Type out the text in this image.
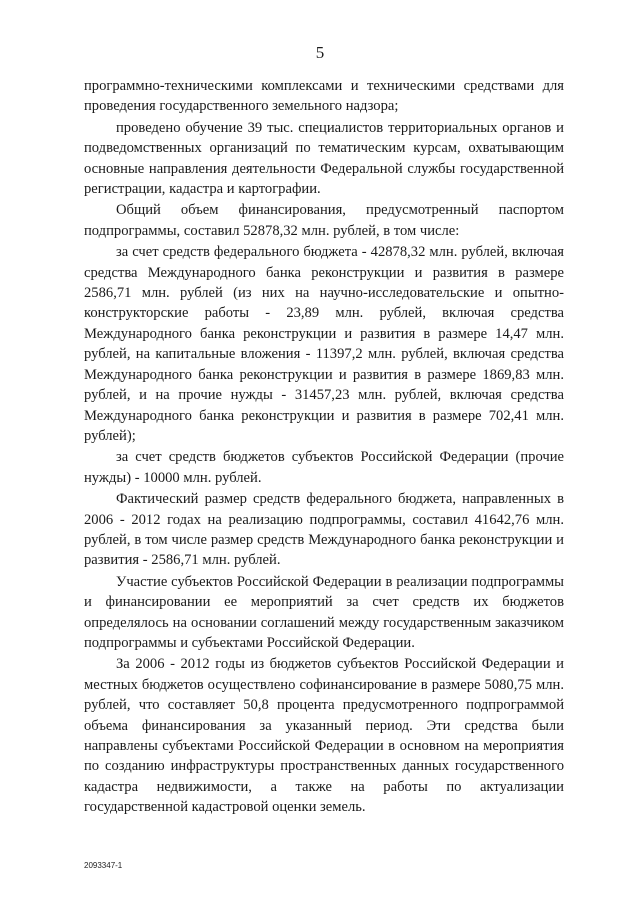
5

программно-техническими комплексами и техническими средствами для проведения государственного земельного надзора;

проведено обучение 39 тыс. специалистов территориальных органов и подведомственных организаций по тематическим курсам, охватывающим основные направления деятельности Федеральной службы государственной регистрации, кадастра и картографии.

Общий объем финансирования, предусмотренный паспортом подпрограммы, составил 52878,32 млн. рублей, в том числе:

за счет средств федерального бюджета - 42878,32 млн. рублей, включая средства Международного банка реконструкции и развития в размере 2586,71 млн. рублей (из них на научно-исследовательские и опытно-конструкторские работы - 23,89 млн. рублей, включая средства Международного банка реконструкции и развития в размере 14,47 млн. рублей, на капитальные вложения - 11397,2 млн. рублей, включая средства Международного банка реконструкции и развития в размере 1869,83 млн. рублей, и на прочие нужды - 31457,23 млн. рублей, включая средства Международного банка реконструкции и развития в размере 702,41 млн. рублей);

за счет средств бюджетов субъектов Российской Федерации (прочие нужды) - 10000 млн. рублей.

Фактический размер средств федерального бюджета, направленных в 2006 - 2012 годах на реализацию подпрограммы, составил 41642,76 млн. рублей, в том числе размер средств Международного банка реконструкции и развития - 2586,71 млн. рублей.

Участие субъектов Российской Федерации в реализации подпрограммы и финансировании ее мероприятий за счет средств их бюджетов определялось на основании соглашений между государственным заказчиком подпрограммы и субъектами Российской Федерации.

За 2006 - 2012 годы из бюджетов субъектов Российской Федерации и местных бюджетов осуществлено софинансирование в размере 5080,75 млн. рублей, что составляет 50,8 процента предусмотренного подпрограммой объема финансирования за указанный период. Эти средства были направлены субъектами Российской Федерации в основном на мероприятия по созданию инфраструктуры пространственных данных государственного кадастра недвижимости, а также на работы по актуализации государственной кадастровой оценки земель.

2093347-1
